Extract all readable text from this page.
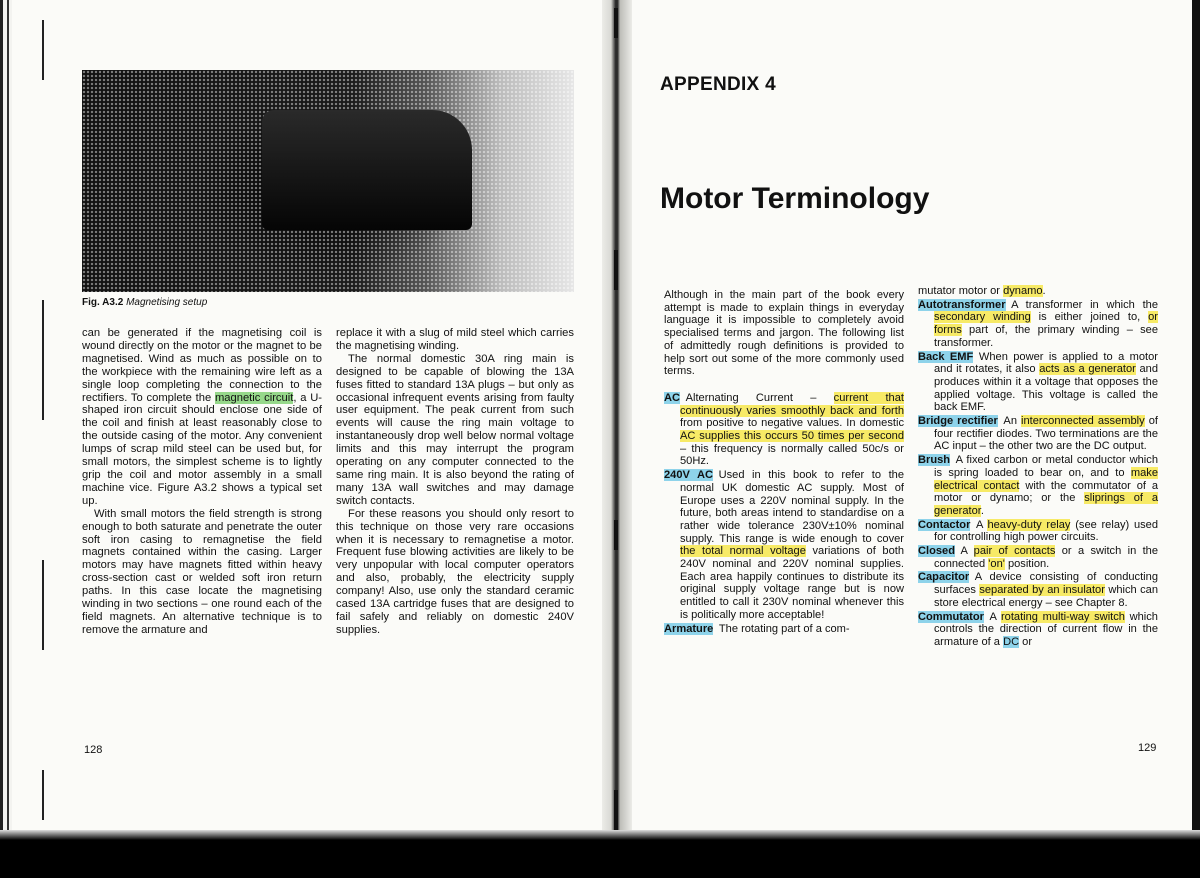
Fig. A3.2 Magnetising setup

can be generated if the magnetising coil is wound directly on the motor or the magnet to be magnetised. Wind as much as possible on to the workpiece with the remaining wire left as a single loop completing the connection to the rectifiers. To complete the magnetic circuit, a U-shaped iron circuit should enclose one side of the coil and finish at least reasonably close to the outside casing of the motor. Any convenient lumps of scrap mild steel can be used but, for small motors, the simplest scheme is to lightly grip the coil and motor assembly in a small machine vice. Figure A3.2 shows a typical set up.

With small motors the field strength is strong enough to both saturate and penetrate the outer soft iron casing to remagnetise the field magnets contained within the casing. Larger motors may have magnets fitted within heavy cross-section cast or welded soft iron return paths. In this case locate the magnetising winding in two sections – one round each of the field magnets. An alternative technique is to remove the armature and

replace it with a slug of mild steel which carries the magnetising winding.

The normal domestic 30A ring main is designed to be capable of blowing the 13A fuses fitted to standard 13A plugs – but only as occasional infrequent events arising from faulty user equipment. The peak current from such events will cause the ring main voltage to instantaneously drop well below normal voltage limits and this may interrupt the program operating on any computer connected to the same ring main. It is also beyond the rating of many 13A wall switches and may damage switch contacts.

For these reasons you should only resort to this technique on those very rare occasions when it is necessary to remagnetise a motor. Frequent fuse blowing activities are likely to be very unpopular with local computer operators and also, probably, the electricity supply company! Also, use only the standard ceramic cased 13A cartridge fuses that are designed to fail safely and reliably on domestic 240V supplies.

128
APPENDIX 4
Motor Terminology

Although in the main part of the book every attempt is made to explain things in everyday language it is impossible to completely avoid specialised terms and jargon. The following list of admittedly rough definitions is provided to help sort out some of the more commonly used terms.

AC  Alternating Current – current that continuously varies smoothly back and forth from positive to negative values. In domestic AC supplies this occurs 50 times per second – this frequency is normally called 50c/s or 50Hz.
240V AC  Used in this book to refer to the normal UK domestic AC supply. Most of Europe uses a 220V nominal supply. In the future, both areas intend to standardise on a rather wide tolerance 230V±10% nominal supply. This range is wide enough to cover the total normal voltage variations of both 240V nominal and 220V nominal supplies. Each area happily continues to distribute its original supply voltage range but is now entitled to call it 230V nominal whenever this is politically more acceptable!
Armature  The rotating part of a com-
mutator motor or dynamo.
Autotransformer  A transformer in which the secondary winding is either joined to, or forms part of, the primary winding – see transformer.
Back EMF  When power is applied to a motor and it rotates, it also acts as a generator and produces within it a voltage that opposes the applied voltage. This voltage is called the back EMF.
Bridge rectifier  An interconnected assembly of four rectifier diodes. Two terminations are the AC input – the other two are the DC output.
Brush  A fixed carbon or metal conductor which is spring loaded to bear on, and to make electrical contact with the commutator of a motor or dynamo; or the sliprings of a generator.
Contactor  A heavy-duty relay (see relay) used for controlling high power circuits.
Closed  A pair of contacts or a switch in the connected 'on' position.
Capacitor  A device consisting of conducting surfaces separated by an insulator which can store electrical energy – see Chapter 8.
Commutator  A rotating multi-way switch which controls the direction of current flow in the armature of a DC or
129
